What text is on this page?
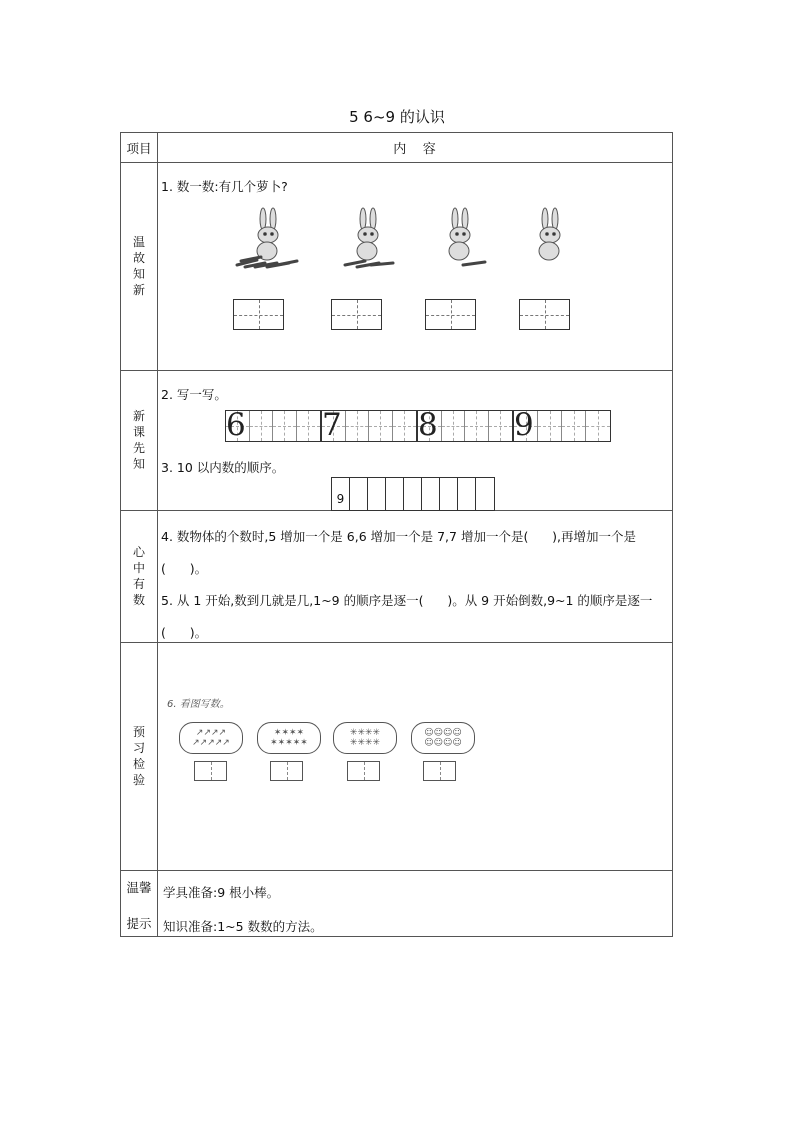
5 6~9 的认识
项目	内    容
温故知新
1. 数一数:有几个萝卜?
新课先知
2. 写一写。
6 7 8 9
3. 10 以内数的顺序。
9
心中有数
4. 数物体的个数时,5 增加一个是 6,6 增加一个是 7,7 增加一个是(      ),再增加一个是
(      )。
5. 从 1 开始,数到几就是几,1~9 的顺序是逐一(      )。从 9 开始倒数,9~1 的顺序是逐一
(      )。
预习检验
6. 看图写数。
↗↗↗↗
↗↗↗↗↗
✶✶✶✶
✶✶✶✶✶
✳✳✳✳
✳✳✳✳
☺☺☺☺
☺☺☺☺
温馨
提示
学具准备:9 根小棒。
知识准备:1~5 数数的方法。
